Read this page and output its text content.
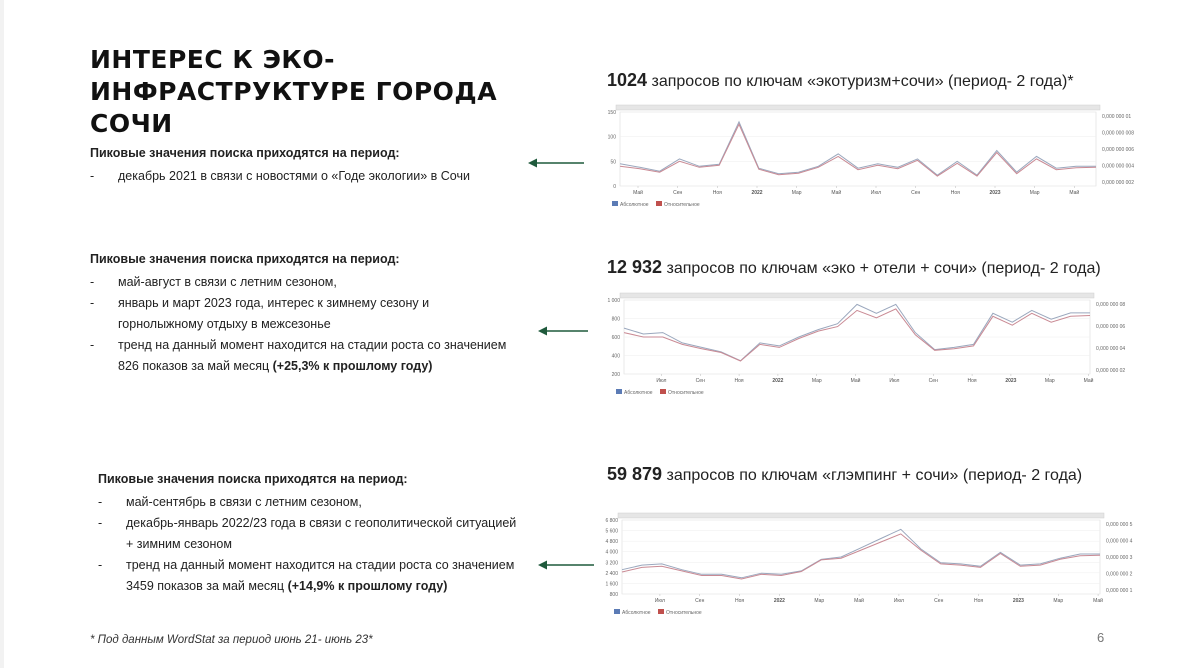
ИНТЕРЕС К ЭКО-ИНФРАСТРУКТУРЕ ГОРОДА СОЧИ
Пиковые значения поиска приходятся на период:
-	декабрь 2021 в связи с новостями о «Годе экологии» в Сочи
Пиковые значения поиска приходятся на период:
-	май-август в связи с летним сезоном,
-	январь и март 2023 года, интерес к зимнему сезону и
горнолыжному отдыху в межсезонье
-	тренд на данный момент находится на стадии роста со значением
826 показов за май месяц (+25,3% к прошлому году)
Пиковые значения поиска приходятся на период:
-	май-сентябрь в связи с летним сезоном,
-	декабрь-январь 2022/23 года в связи с геополитической ситуацией
+ зимним сезоном
-	тренд на данный момент находится на стадии роста со значением
3459 показов за май месяц (+14,9% к прошлому году)
1024 запросов по ключам «экотуризм+сочи» (период- 2 года)*
12 932 запросов по ключам «эко + отели + сочи» (период- 2 года)
59 879 запросов по ключам «глэмпинг + сочи» (период- 2 года)
150
100
50
0
0,000 000 01
0,000 000 008
0,000 000 006
0,000 000 004
0,000 000 002
Май	Сен	Ноя	2022	Мар	Май	Июл	Сен	Ноя	2023	Мар	Май
Абсолютное	Относительное
1 000
800
600
400
200
0,000 000 08
0,000 000 06
0,000 000 04
0,000 000 02
Июл	Сен	Ноя	2022	Мар	Май	Июл	Сен	Ноя	2023	Мар	Май
Абсолютное	Относительное
6 800
5 600
4 800
4 000
3 200
2 400
1 600
800
0,000 000 5
0,000 000 4
0,000 000 3
0,000 000 2
0,000 000 1
Июл	Сен	Ноя	2022	Мар	Май	Июл	Сен	Ноя	2023	Мар	Май
Абсолютное	Относительное
* Под данным WordStat за период июнь 21- июнь 23*	6
